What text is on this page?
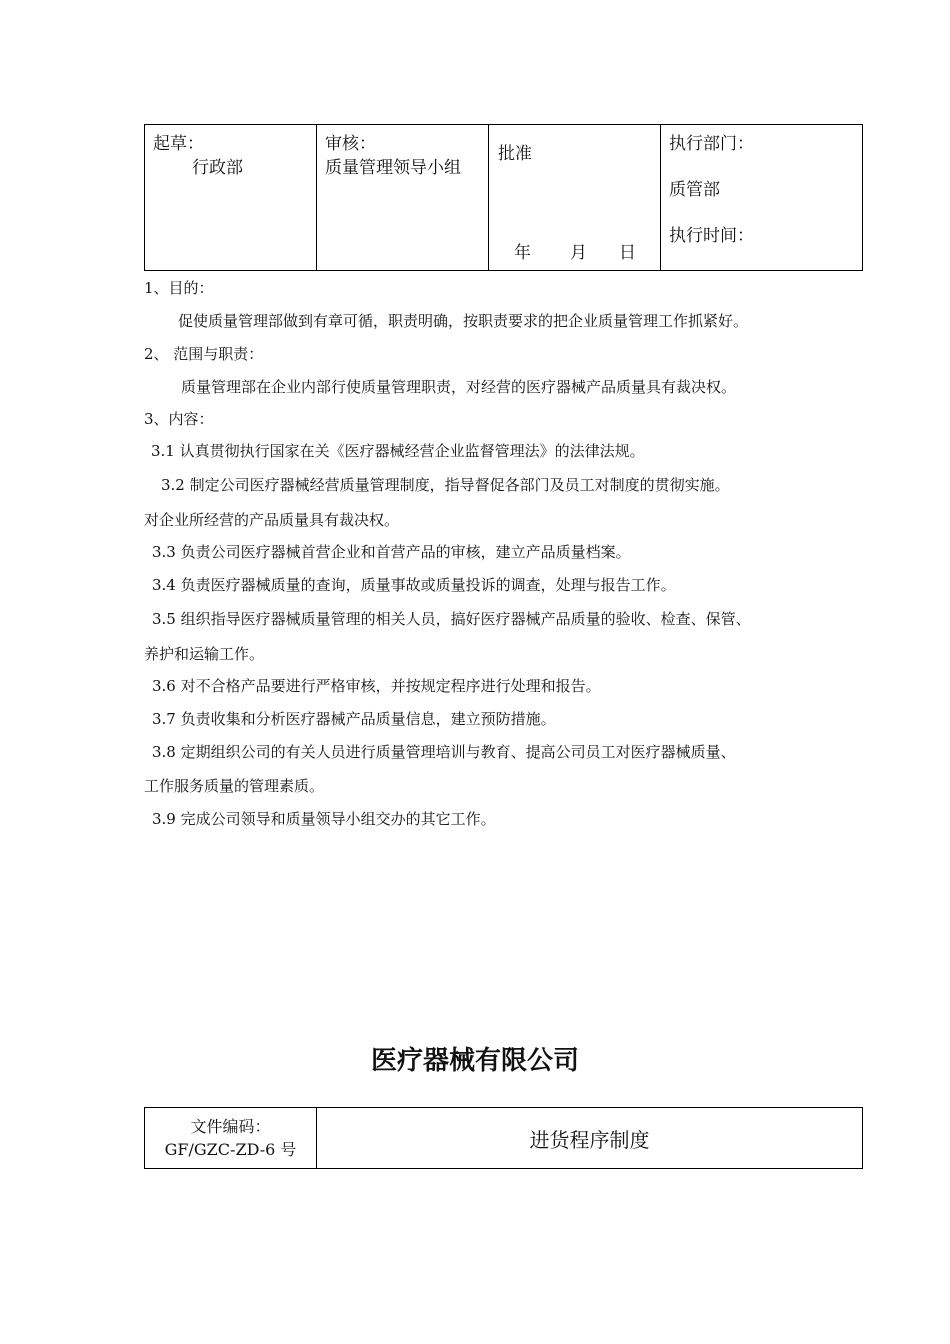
起草：
行政部

审核：
质量管理领导小组

批准
年 月 日

执行部门：
质管部
执行时间：
1、目的：
促使质量管理部做到有章可循，职责明确，按职责要求的把企业质量管理工作抓紧好。
2、 范围与职责：
质量管理部在企业内部行使质量管理职责，对经营的医疗器械产品质量具有裁决权。
3、内容：
3.1 认真贯彻执行国家在关《医疗器械经营企业监督管理法》的法律法规。
3.2 制定公司医疗器械经营质量管理制度，指导督促各部门及员工对制度的贯彻实施。
对企业所经营的产品质量具有裁决权。
3.3 负责公司医疗器械首营企业和首营产品的审核，建立产品质量档案。
3.4 负责医疗器械质量的查询，质量事故或质量投诉的调查，处理与报告工作。
3.5 组织指导医疗器械质量管理的相关人员，搞好医疗器械产品质量的验收、检查、保管、
养护和运输工作。
3.6 对不合格产品要进行严格审核，并按规定程序进行处理和报告。
3.7 负责收集和分析医疗器械产品质量信息，建立预防措施。
3.8 定期组织公司的有关人员进行质量管理培训与教育、提高公司员工对医疗器械质量、
工作服务质量的管理素质。
3.9 完成公司领导和质量领导小组交办的其它工作。
医疗器械有限公司
文件编码：
GF/GZC-ZD-6 号	进货程序制度
